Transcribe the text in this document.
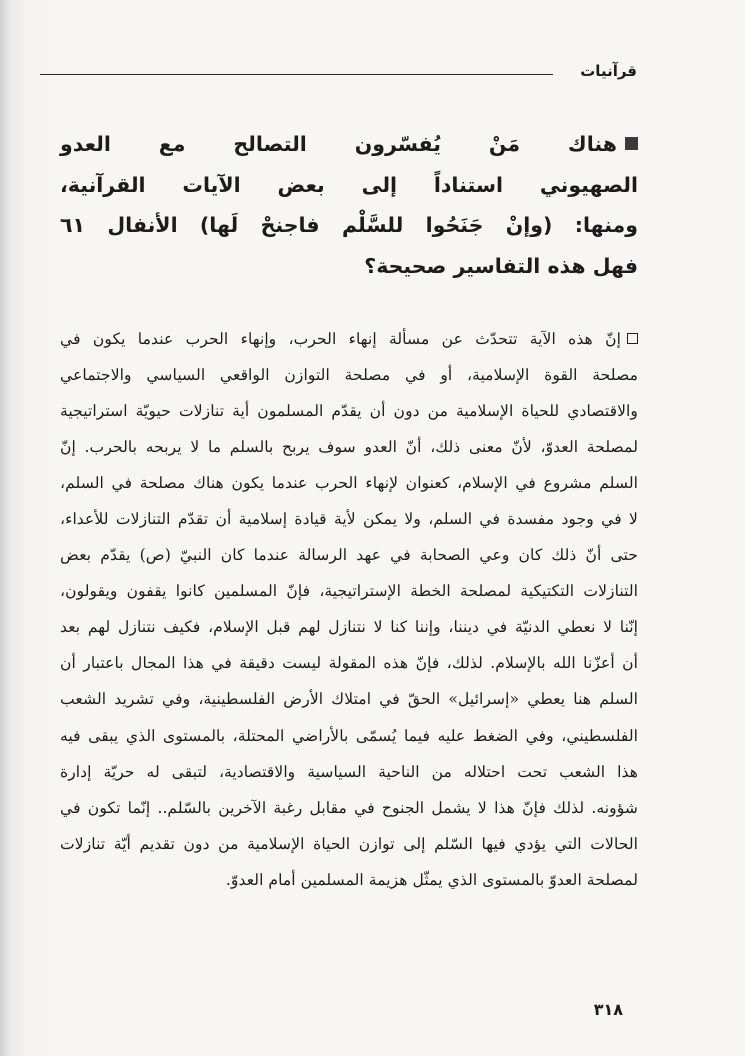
قرآنيات
هناك مَنْ يُفسّرون التصالح مع العدو
الصهيوني استناداً إلى بعض الآيات القرآنية،
ومنها: (وإنْ جَنَحُوا للسَّلْم فاجنحْ لَها) الأنفال ٦١
فهل هذه التفاسير صحيحة؟
إنّ هذه الآية تتحدّث عن مسألة إنهاء الحرب، وإنهاء الحرب عندما يكون في
مصلحة القوة الإسلامية، أو في مصلحة التوازن الواقعي السياسي والاجتماعي
والاقتصادي للحياة الإسلامية من دون أن يقدّم المسلمون أية تنازلات حيويّة استراتيجية
لمصلحة العدوّ، لأنّ معنى ذلك، أنّ العدو سوف يربح بالسلم ما لا يربحه بالحرب. إنّ
السلم مشروع في الإسلام، كعنوان لإنهاء الحرب عندما يكون هناك مصلحة في السلم،
لا في وجود مفسدة في السلم، ولا يمكن لأية قيادة إسلامية أن تقدّم التنازلات للأعداء،
حتى أنّ ذلك كان وعي الصحابة في عهد الرسالة عندما كان النبيّ (ص) يقدّم بعض
التنازلات التكتيكية لمصلحة الخطة الإستراتيجية، فإنّ المسلمين كانوا يقفون ويقولون،
إنّنا لا نعطي الدنيّة في ديننا، وإننا كنا لا نتنازل لهم قبل الإسلام، فكيف نتنازل لهم بعد
أن أعزّنا الله بالإسلام. لذلك، فإنّ هذه المقولة ليست دقيقة في هذا المجال باعتبار أن
السلم هنا يعطي «إسرائيل» الحقّ في امتلاك الأرض الفلسطينية، وفي تشريد الشعب
الفلسطيني، وفي الضغط عليه فيما يُسمّى بالأراضي المحتلة، بالمستوى الذي يبقى فيه
هذا الشعب تحت احتلاله من الناحية السياسية والاقتصادية، لتبقى له حريّة إدارة
شؤونه. لذلك فإنّ هذا لا يشمل الجنوح في مقابل رغبة الآخرين بالسّلم.. إنّما تكون في
الحالات التي يؤدي فيها السّلم إلى توازن الحياة الإسلامية من دون تقديم أيّة تنازلات
لمصلحة العدوّ بالمستوى الذي يمثّل هزيمة المسلمين أمام العدوّ.
٣١٨
